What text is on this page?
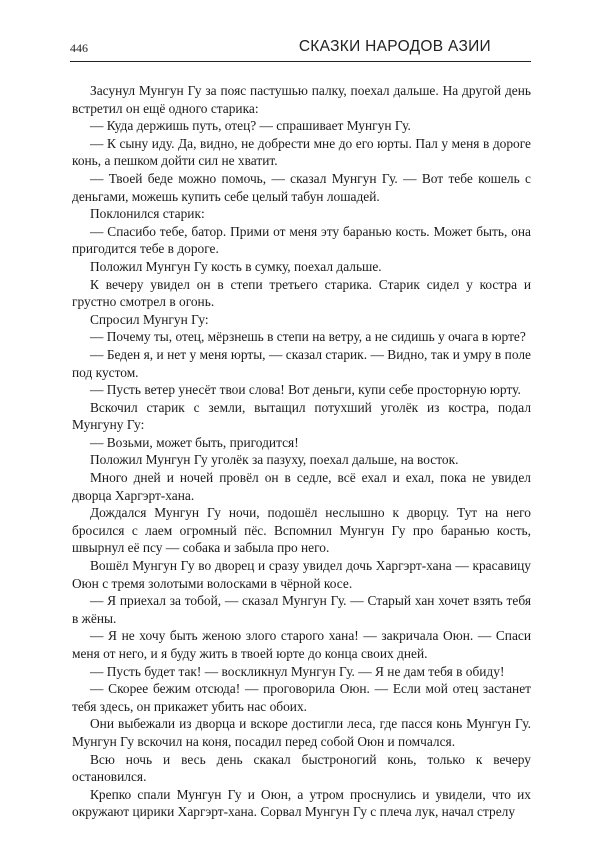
446	СКАЗКИ НАРОДОВ АЗИИ

Засунул Мунгун Гу за пояс пастушью палку, поехал дальше. На другой день встретил он ещё одного старика:

— Куда держишь путь, отец? — спрашивает Мунгун Гу.

— К сыну иду. Да, видно, не добрести мне до его юрты. Пал у меня в дороге конь, а пешком дойти сил не хватит.

— Твоей беде можно помочь, — сказал Мунгун Гу. — Вот тебе кошель с деньгами, можешь купить себе целый табун лошадей.

Поклонился старик:

— Спасибо тебе, батор. Прими от меня эту баранью кость. Может быть, она пригодится тебе в дороге.

Положил Мунгун Гу кость в сумку, поехал дальше.

К вечеру увидел он в степи третьего старика. Старик сидел у костра и грустно смотрел в огонь.

Спросил Мунгун Гу:

— Почему ты, отец, мёрзнешь в степи на ветру, а не сидишь у очага в юрте?

— Беден я, и нет у меня юрты, — сказал старик. — Видно, так и умру в поле под кустом.

— Пусть ветер унесёт твои слова! Вот деньги, купи себе просторную юрту.

Вскочил старик с земли, вытащил потухший уголёк из костра, подал Мунгуну Гу:

— Возьми, может быть, пригодится!

Положил Мунгун Гу уголёк за пазуху, поехал дальше, на восток.

Много дней и ночей провёл он в седле, всё ехал и ехал, пока не увидел дворца Харгэрт-хана.

Дождался Мунгун Гу ночи, подошёл неслышно к дворцу. Тут на него бросился с лаем огромный пёс. Вспомнил Мунгун Гу про баранью кость, швырнул её псу — собака и забыла про него.

Вошёл Мунгун Гу во дворец и сразу увидел дочь Харгэрт-хана — красавицу Оюн с тремя золотыми волосками в чёрной косе.

— Я приехал за тобой, — сказал Мунгун Гу. — Старый хан хочет взять тебя в жёны.

— Я не хочу быть женою злого старого хана! — закричала Оюн. — Спаси меня от него, и я буду жить в твоей юрте до конца своих дней.

— Пусть будет так! — воскликнул Мунгун Гу. — Я не дам тебя в обиду!

— Скорее бежим отсюда! — проговорила Оюн. — Если мой отец застанет тебя здесь, он прикажет убить нас обоих.

Они выбежали из дворца и вскоре достигли леса, где пасся конь Мунгун Гу. Мунгун Гу вскочил на коня, посадил перед собой Оюн и помчался.

Всю ночь и весь день скакал быстроногий конь, только к вечеру остановился.

Крепко спали Мунгун Гу и Оюн, а утром проснулись и увидели, что их окружают цирики Харгэрт-хана. Сорвал Мунгун Гу с плеча лук, начал стрелу
